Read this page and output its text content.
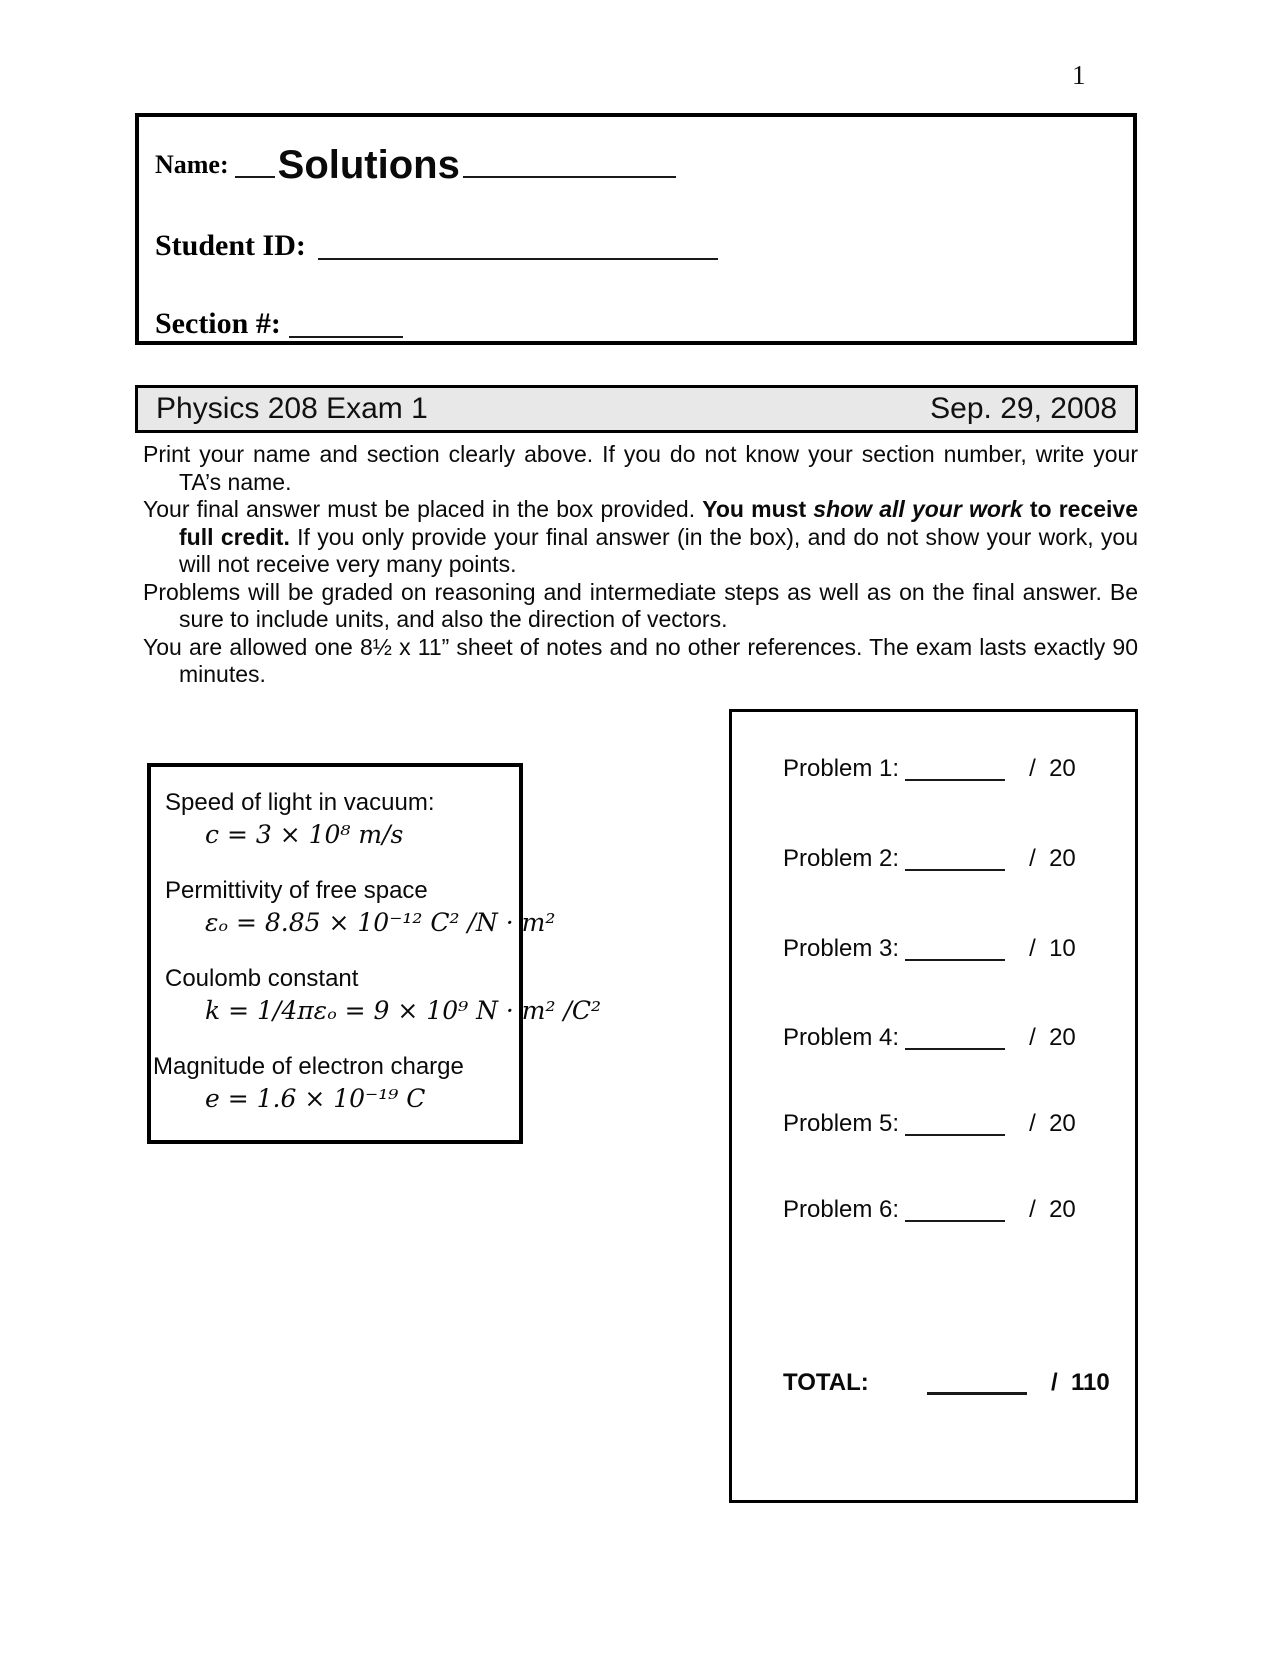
1
Name: Solutions
Student ID:
Section #:
Physics 208 Exam 1	Sep. 29, 2008

Print your name and section clearly above. If you do not know your section number, write your TA’s name.

Your final answer must be placed in the box provided. You must show all your work to receive full credit. If you only provide your final answer (in the box), and do not show your work, you will not receive very many points.

Problems will be graded on reasoning and intermediate steps as well as on the final answer. Be sure to include units, and also the direction of vectors.

You are allowed one 8½ x 11” sheet of notes and no other references. The exam lasts exactly 90 minutes.

Speed of light in vacuum:
c = 3 × 10⁸ m/s
Permittivity of free space
εₒ = 8.85 × 10⁻¹² C² /N · m²
Coulomb constant
k = 1/4πεₒ = 9 × 10⁹ N · m² /C²
Magnitude of electron charge
e = 1.6 × 10⁻¹⁹ C
Problem 1:	/  20
Problem 2:	/  20
Problem 3:	/  10
Problem 4:	/  20
Problem 5:	/  20
Problem 6:	/  20
TOTAL:	/  110
